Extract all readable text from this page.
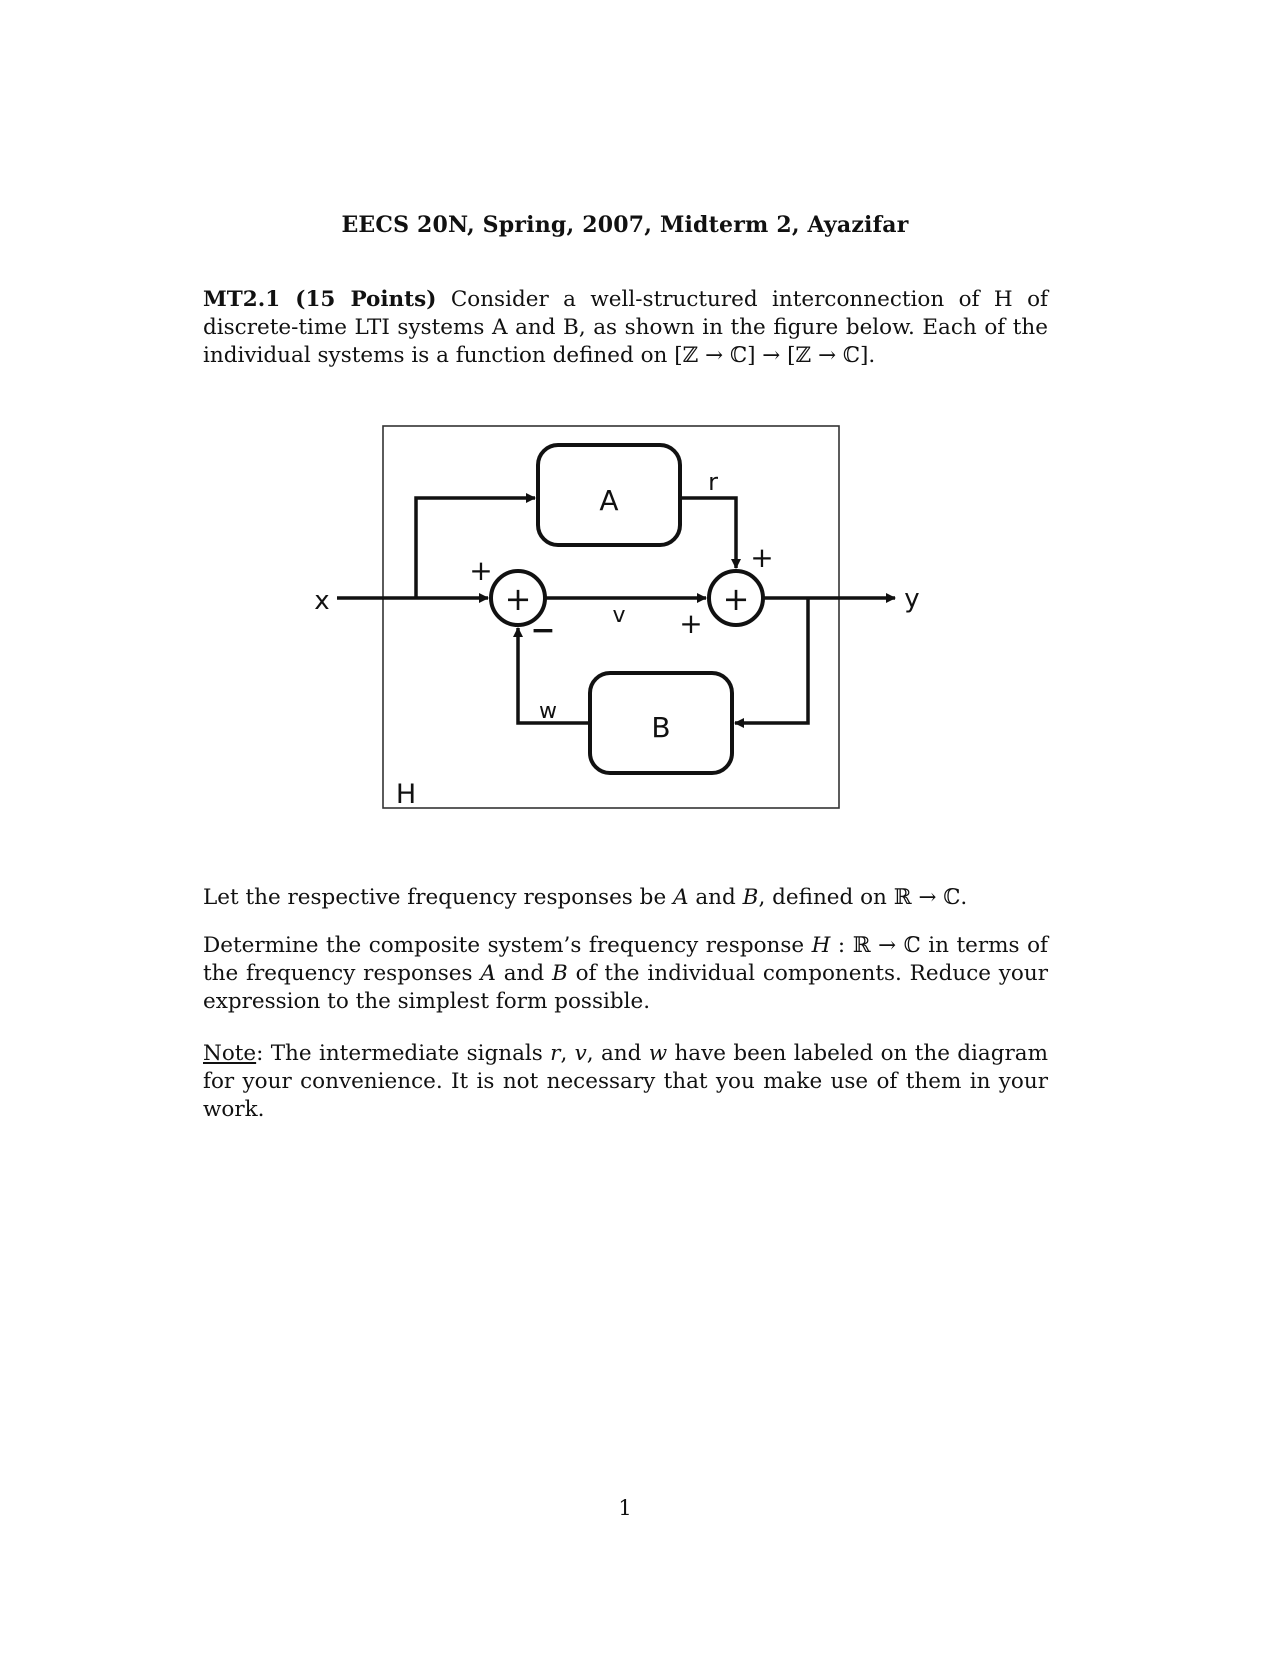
EECS 20N, Spring, 2007, Midterm 2, Ayazifar

MT2.1 (15 Points) Consider a well-structured interconnection of H of discrete-time LTI systems A and B, as shown in the figure below. Each of the individual systems is a function defined on [ℤ → ℂ] → [ℤ → ℂ].

A
B
+	+
x	y
H
r
v
w
+
−
+
+

Let the respective frequency responses be A and B, defined on ℝ → ℂ.

Determine the composite system’s frequency response H : ℝ → ℂ in terms of the frequency responses A and B of the individual components. Reduce your expression to the simplest form possible.

Note: The intermediate signals r, v, and w have been labeled on the diagram for your convenience. It is not necessary that you make use of them in your work.

1
